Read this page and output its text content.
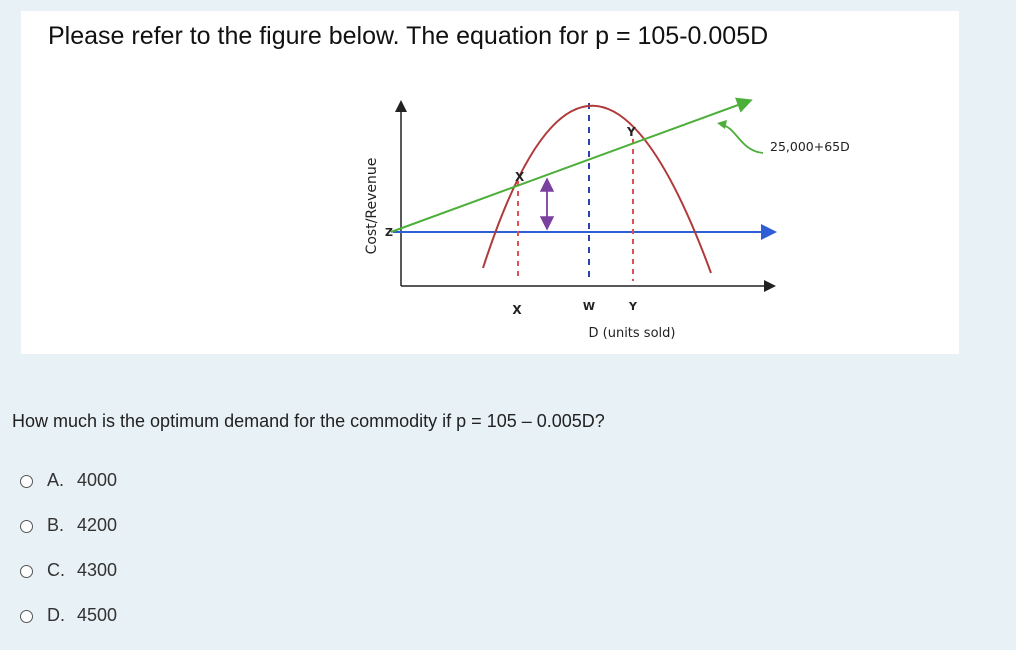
Please refer to the figure below. The equation for p = 105-0.005D
Cost/Revenue
D (units sold)
25,000+65D
X	W	Y
Z
X
Y
How much is the optimum demand for the commodity if p = 105 – 0.005D?
A. 4000
B. 4200
C. 4300
D. 4500
